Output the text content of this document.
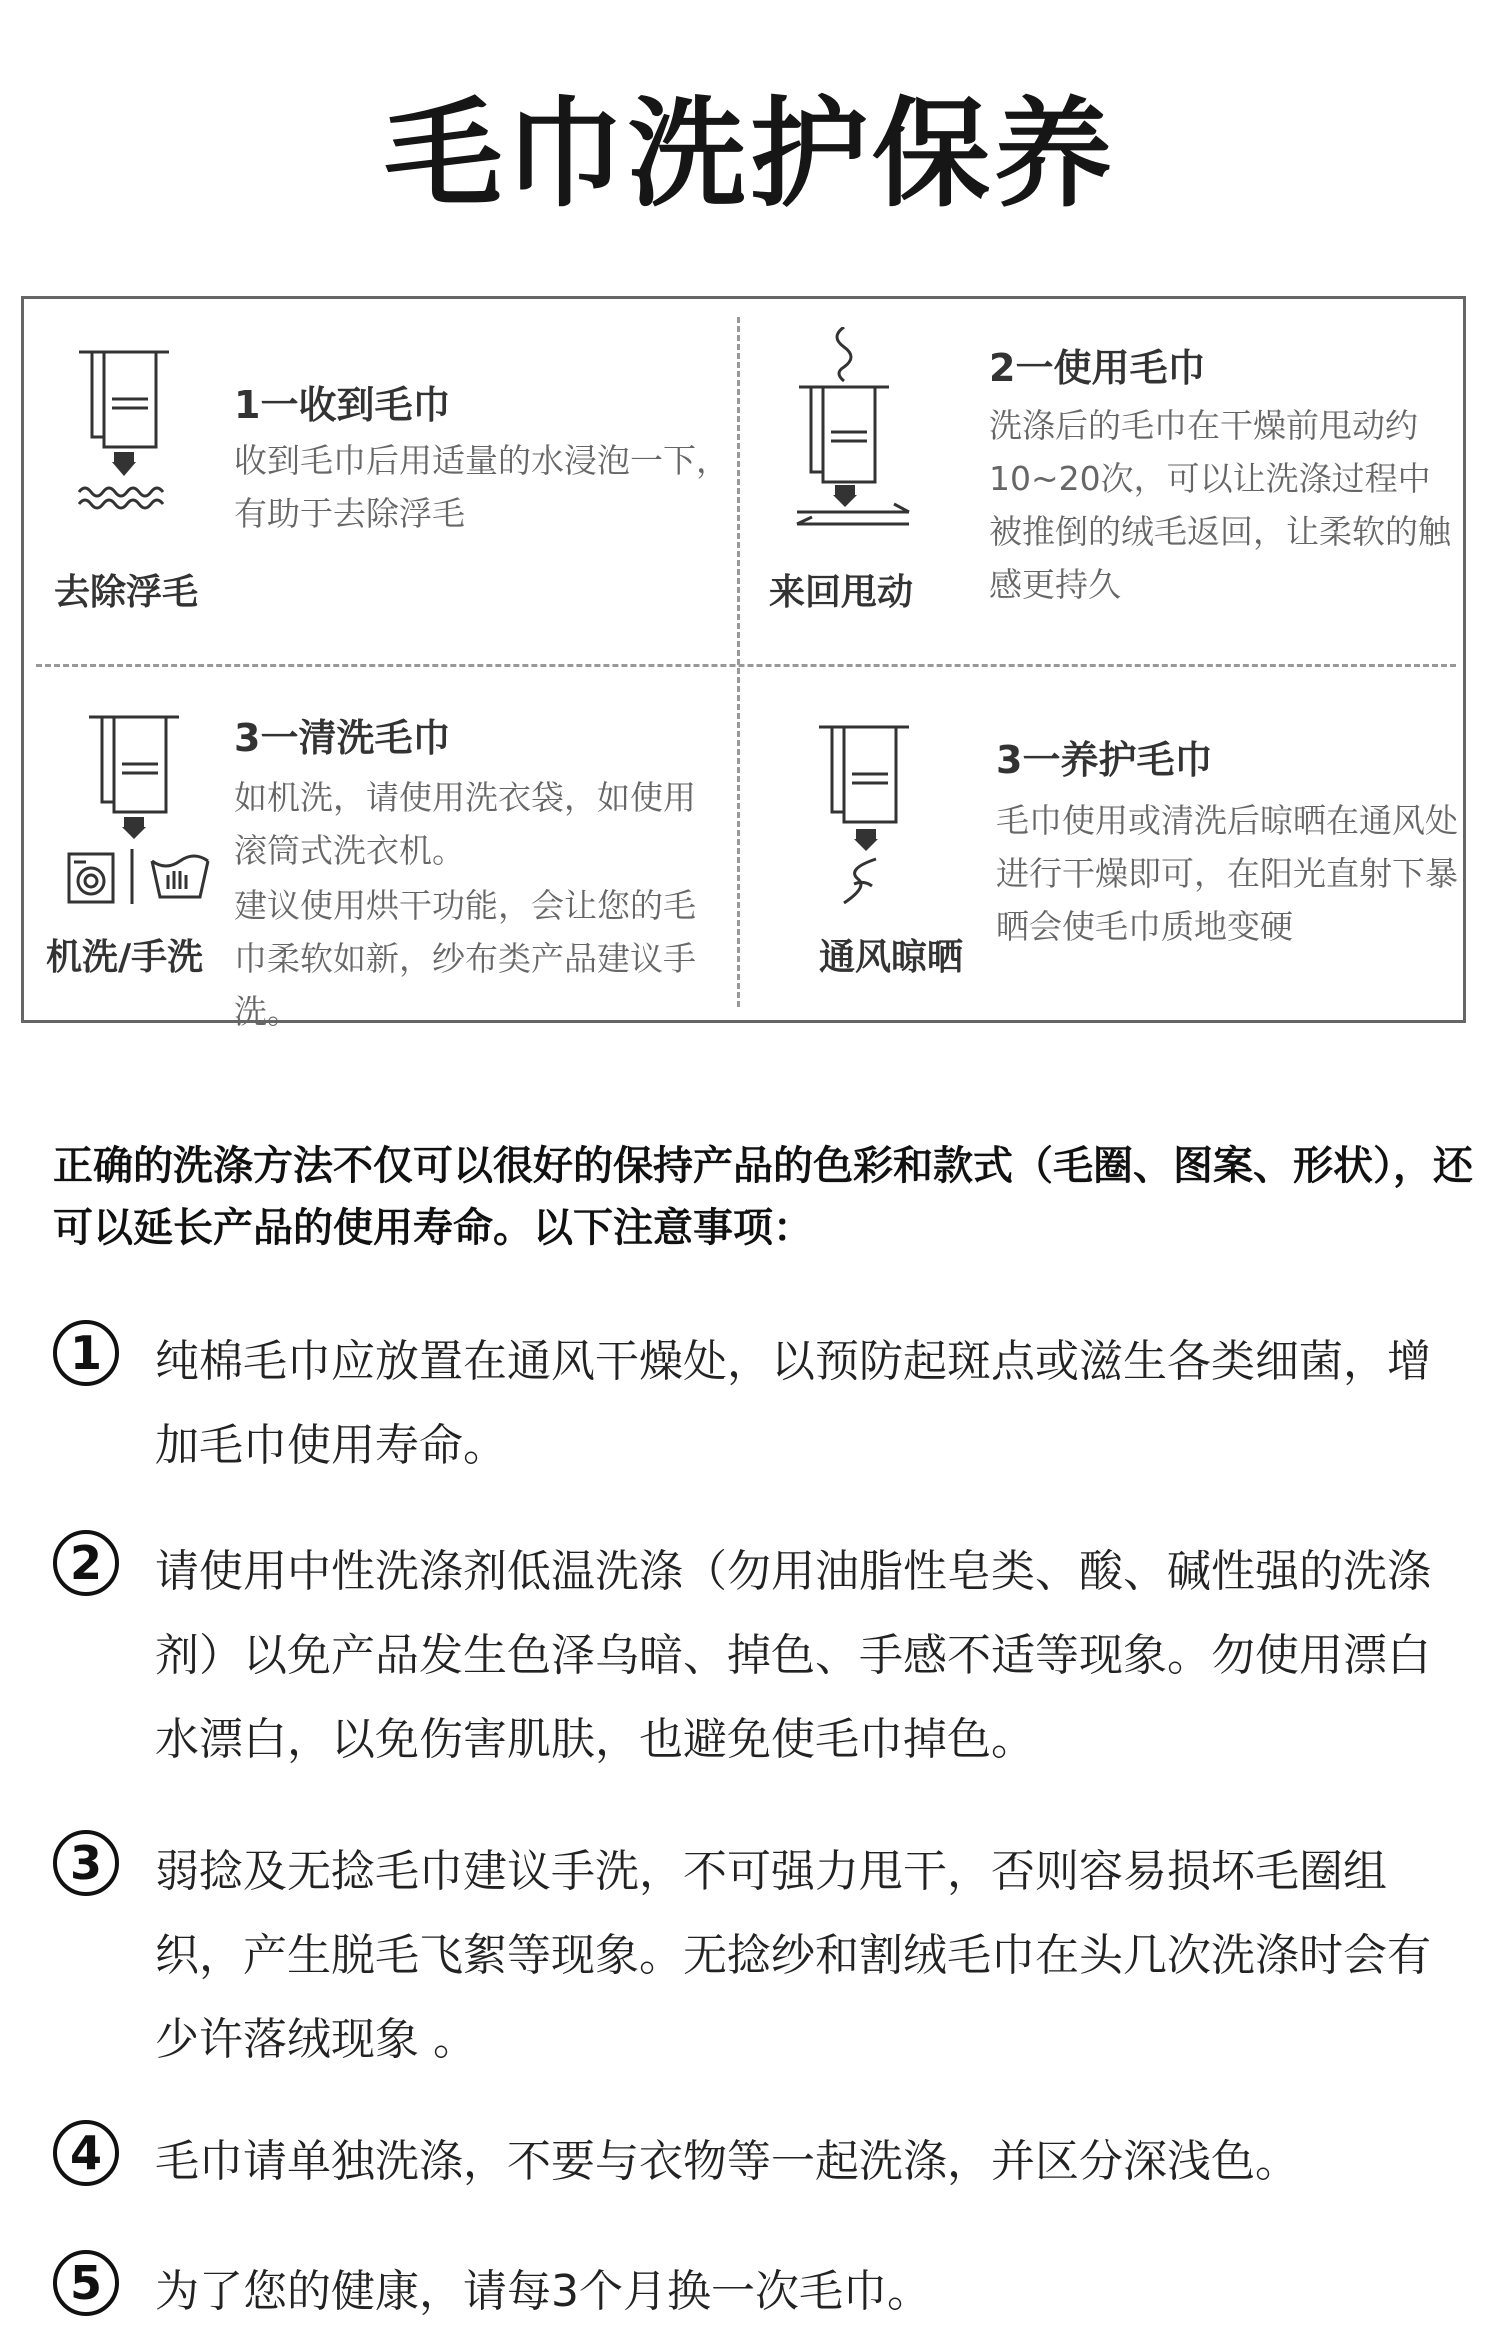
毛巾洗护保养
去除浮毛
1一收到毛巾
收到毛巾后用适量的水浸泡一下，有助于去除浮毛
来回甩动
2一使用毛巾
洗涤后的毛巾在干燥前甩动约10~20次，可以让洗涤过程中被推倒的绒毛返回，让柔软的触感更持久
机洗/手洗
3一清洗毛巾
如机洗，请使用洗衣袋，如使用滚筒式洗衣机。
建议使用烘干功能，会让您的毛巾柔软如新，纱布类产品建议手洗。
通风晾晒
3一养护毛巾
毛巾使用或清洗后晾晒在通风处进行干燥即可，在阳光直射下暴晒会使毛巾质地变硬
正确的洗涤方法不仅可以很好的保持产品的色彩和款式（毛圈、图案、形状），还可以延长产品的使用寿命。以下注意事项：
1	纯棉毛巾应放置在通风干燥处，以预防起斑点或滋生各类细菌，增加毛巾使用寿命。
2	请使用中性洗涤剂低温洗涤（勿用油脂性皂类、酸、碱性强的洗涤剂）以免产品发生色泽乌暗、掉色、手感不适等现象。勿使用漂白水漂白，以免伤害肌肤，也避免使毛巾掉色。
3	弱捻及无捻毛巾建议手洗，不可强力甩干，否则容易损坏毛圈组织，产生脱毛飞絮等现象。无捻纱和割绒毛巾在头几次洗涤时会有少许落绒现象 。
4	毛巾请单独洗涤，不要与衣物等一起洗涤，并区分深浅色。
5	为了您的健康，请每3个月换一次毛巾。
